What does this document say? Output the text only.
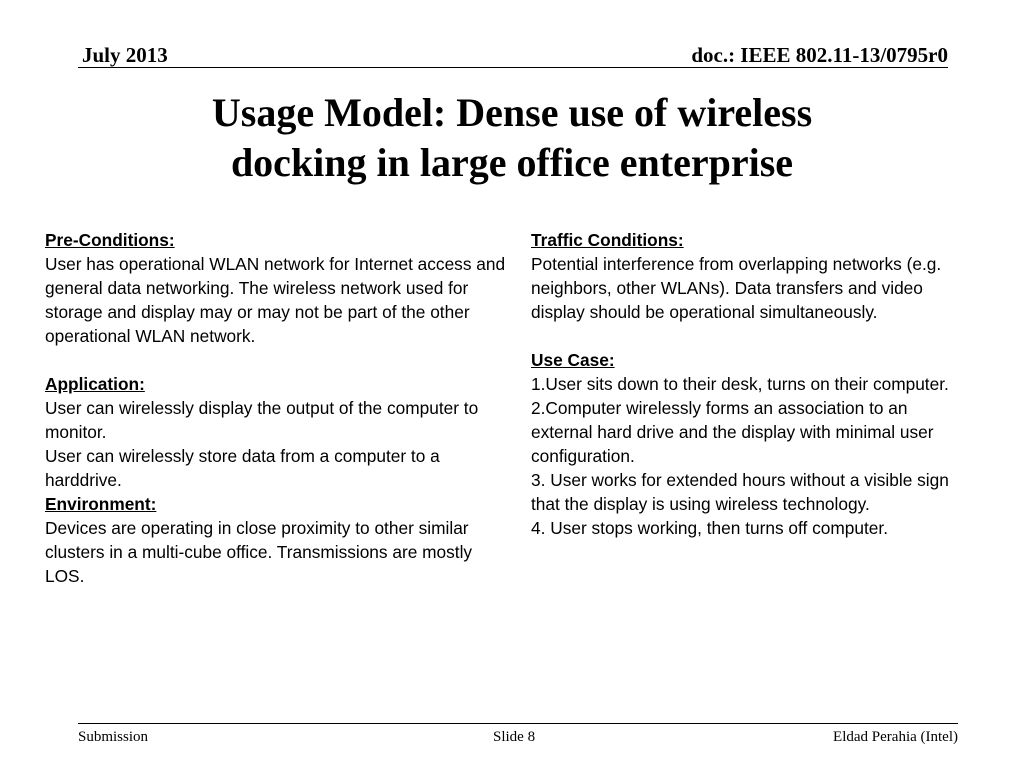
July 2013	doc.: IEEE 802.11-13/0795r0
Usage Model: Dense use of wireless
docking in large office enterprise
Pre-Conditions:

User has operational WLAN network for Internet access and general data networking. The wireless network used for storage and display may or may not be part of the other operational WLAN network.

Application:

User can wirelessly display the output of the computer to monitor.

User can wirelessly store data from a computer to a harddrive.

Environment:

Devices are operating in close proximity to other similar clusters in a multi-cube office. Transmissions are mostly LOS.

Traffic Conditions:

Potential interference from overlapping networks (e.g. neighbors, other WLANs). Data transfers and video display should be operational simultaneously.

Use Case:

1.User sits down to their desk, turns on their computer.

2.Computer wirelessly forms an association to an external hard drive and the display with minimal user configuration.

3. User works for extended hours without a visible sign that the display is using wireless technology.

4. User stops working, then turns off computer.

Submission	Slide 8	Eldad Perahia (Intel)
